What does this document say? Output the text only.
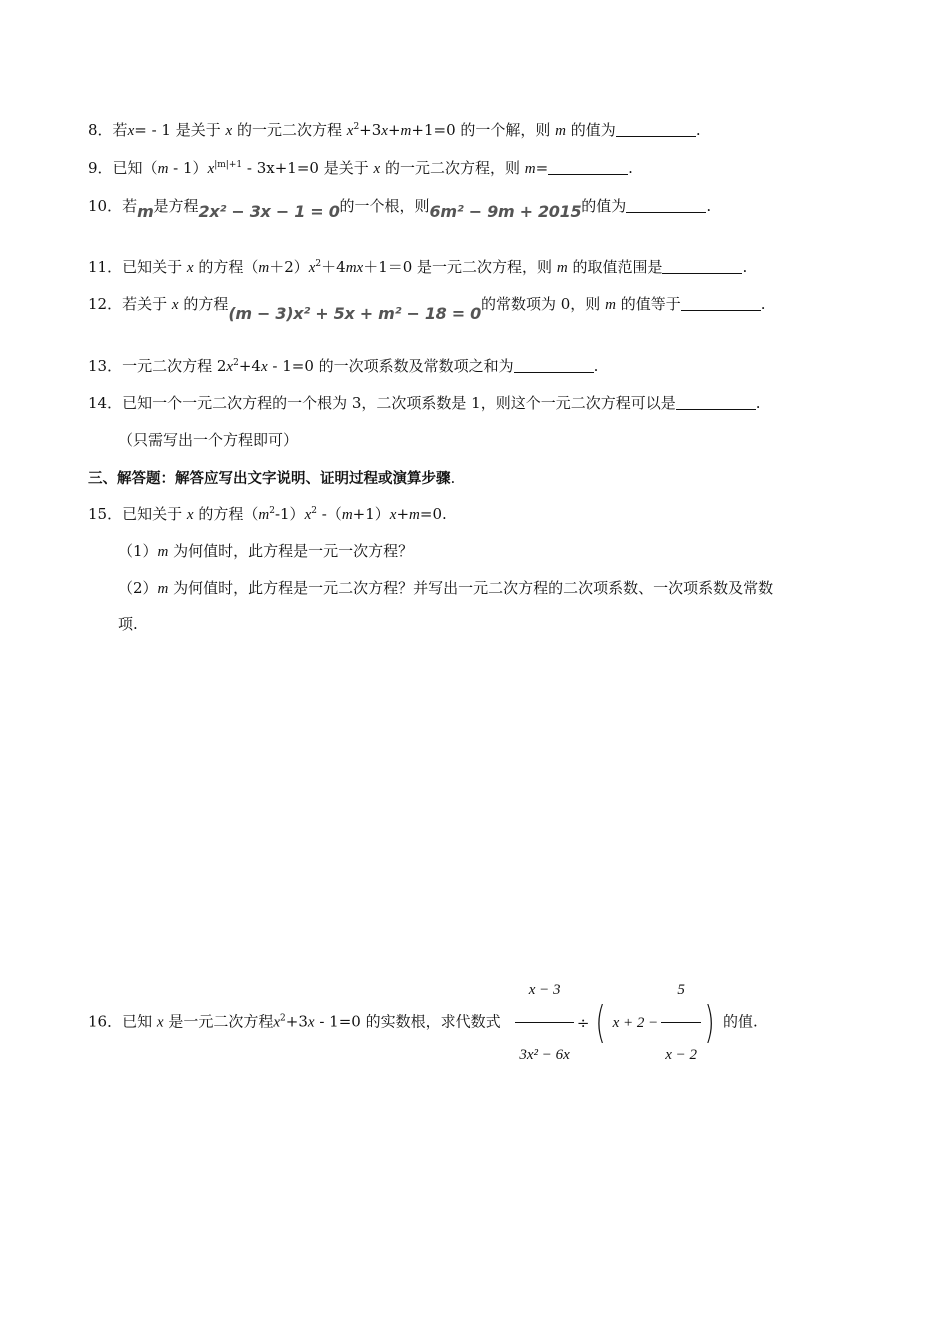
8．若x= - 1 是关于 x 的一元二次方程 $x^2+3x+m+1=0$ 的一个解，则 m 的值为	.
9．已知$(m - 1)x^{|m|+1} - 3x+1=0$ 是关于 x 的一元二次方程，则 m=	.
10．若m是方程2x² − 3x − 1 = 0的一个根，则6m² − 9m + 2015的值为	.
11．已知关于 x 的方程$(m+2)x^2+4mx+1=0$ 是一元二次方程，则 m 的取值范围是	.
12．若关于 x 的方程(m − 3)x² + 5x + m² − 18 = 0的常数项为 0，则 m 的值等于	.
13．一元二次方程 $2x^2+4x - 1=0$ 的一次项系数及常数项之和为	.
14．已知一个一元二次方程的一个根为 3，二次项系数是 1，则这个一元二次方程可以是	.
（只需写出一个方程即可）
三、解答题：解答应写出文字说明、证明过程或演算步骤.
15．已知关于 x 的方程$(m^2-1)x^2$ -（m+1）x+m=0.
（1）m 为何值时，此方程是一元一次方程？
（2）m 为何值时，此方程是一元二次方程？并写出一元二次方程的二次项系数、一次项系数及常数
项.
16．已知 x 是一元二次方程$x^2+3x - 1=0$ 的实数根，求代数式 $\frac{x - 3}{\text{3x² − 6x}}$ ÷ ( $x + 2 - \frac{5}{x - 2}$ ) 的值.
